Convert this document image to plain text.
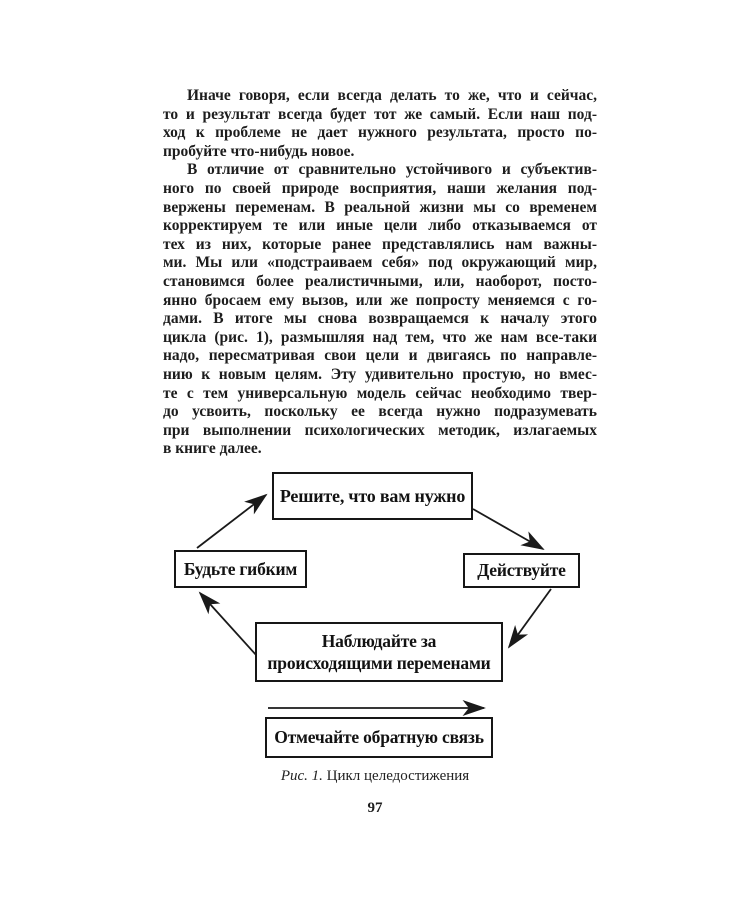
Иначе говоря, если всегда делать то же, что и сейчас,
то и результат всегда будет тот же самый. Если наш под-
ход к проблеме не дает нужного результата, просто по-
пробуйте что-нибудь новое.
В отличие от сравнительно устойчивого и субъектив-
ного по своей природе восприятия, наши желания под-
вержены переменам. В реальной жизни мы со временем
корректируем те или иные цели либо отказываемся от
тех из них, которые ранее представлялись нам важны-
ми. Мы или «подстраиваем себя» под окружающий мир,
становимся более реалистичными, или, наоборот, посто-
янно бросаем ему вызов, или же попросту меняемся с го-
дами. В итоге мы снова возвращаемся к началу этого
цикла (рис. 1), размышляя над тем, что же нам все-таки
надо, пересматривая свои цели и двигаясь по направле-
нию к новым целям. Эту удивительно простую, но вмес-
те с тем универсальную модель сейчас необходимо твер-
до усвоить, поскольку ее всегда нужно подразумевать
при выполнении психологических методик, излагаемых
в книге далее.
Решите, что вам нужно
Будьте гибким	Действуйте
Наблюдайте за
происходящими переменами
Отмечайте обратную связь
Рис. 1. Цикл целедостижения
97
